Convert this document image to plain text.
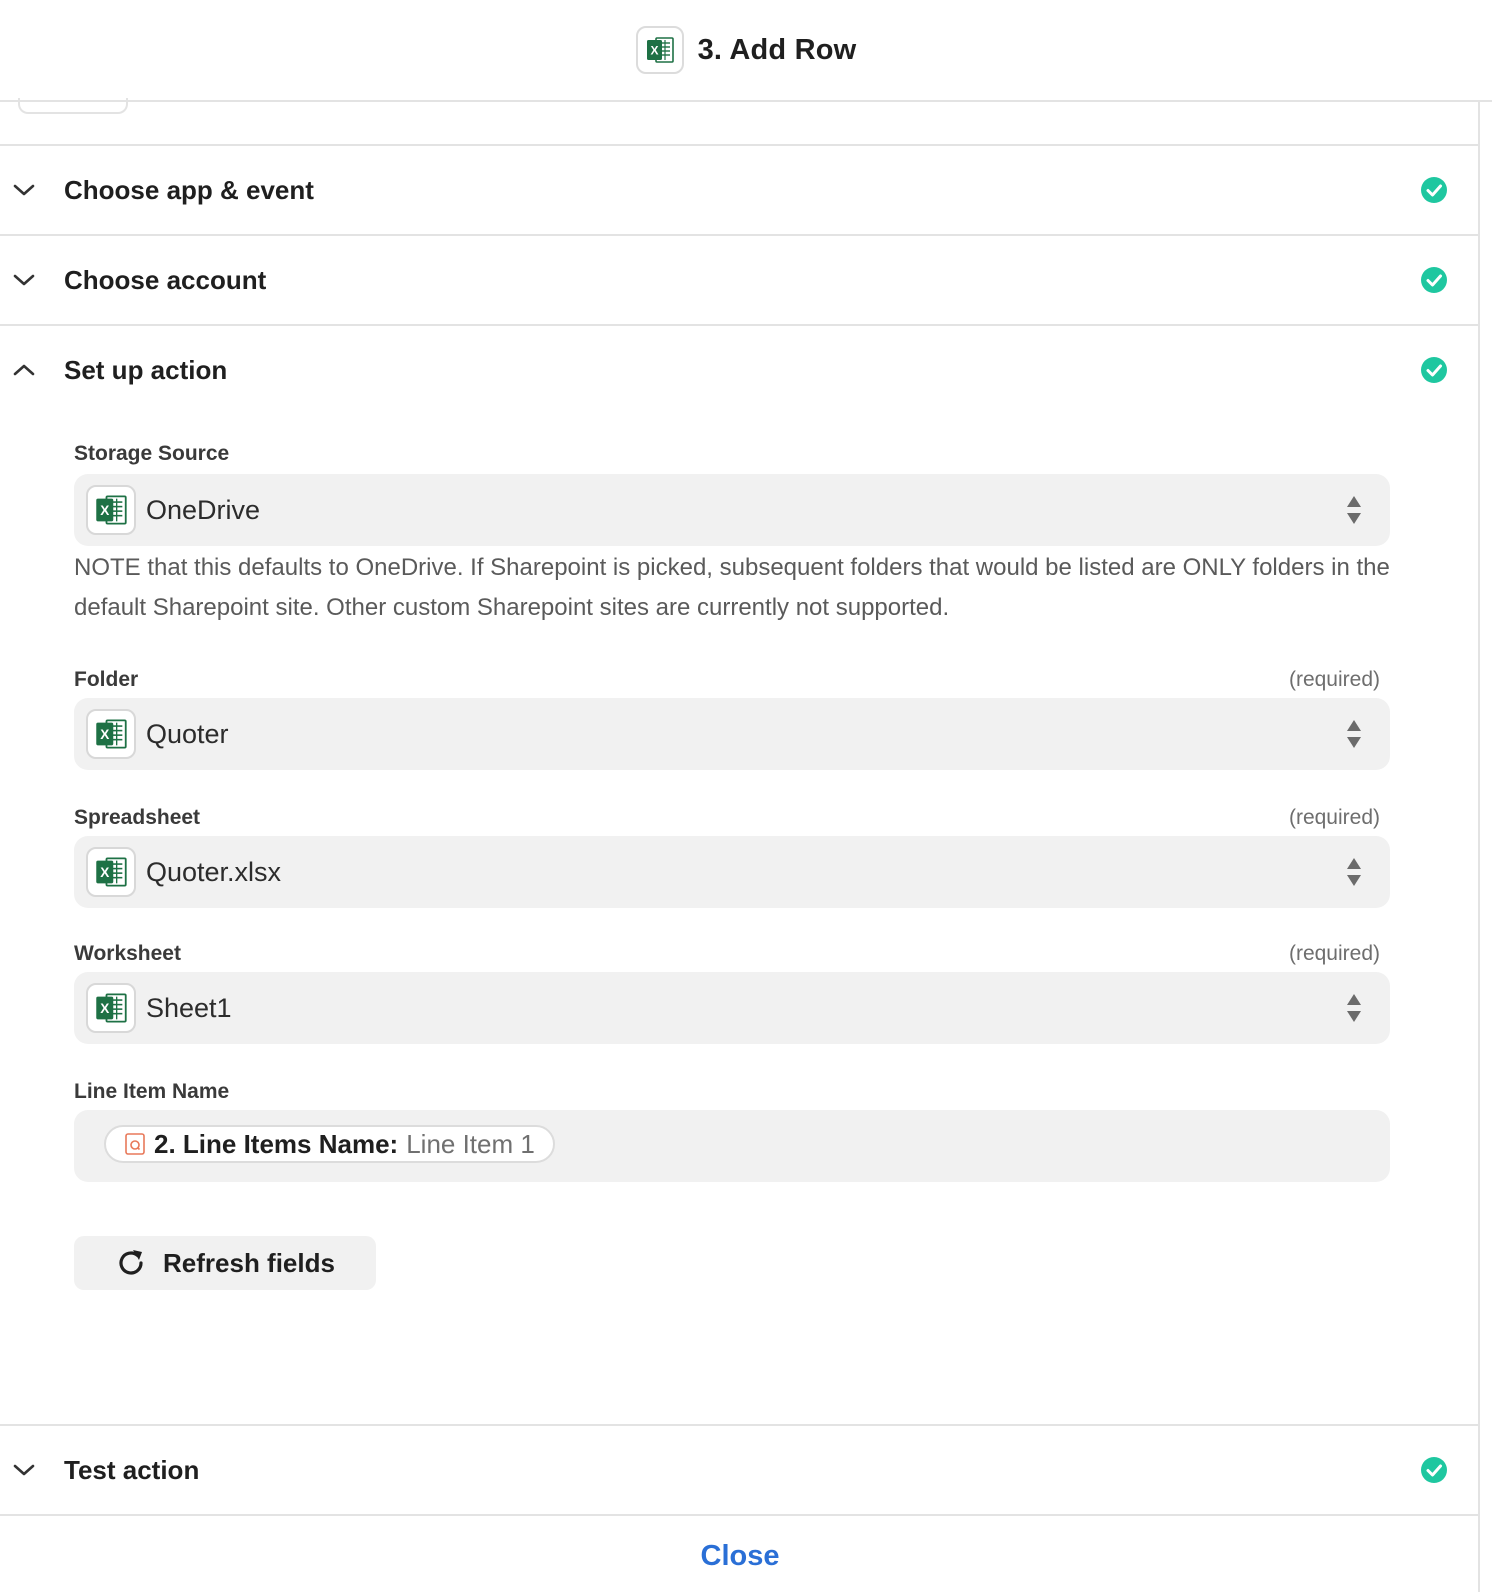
X 3. Add Row
Choose app & event
Choose account
Set up action
Storage Source
X OneDrive
NOTE that this defaults to OneDrive. If Sharepoint is picked, subsequent folders that would be listed are ONLY folders in the default Sharepoint site. Other custom Sharepoint sites are currently not supported.
Folder	(required)
X Quoter
Spreadsheet	(required)
X Quoter.xlsx
Worksheet	(required)
X Sheet1
Line Item Name
2. Line Items Name: Line Item 1
Refresh fields
Test action
Close
